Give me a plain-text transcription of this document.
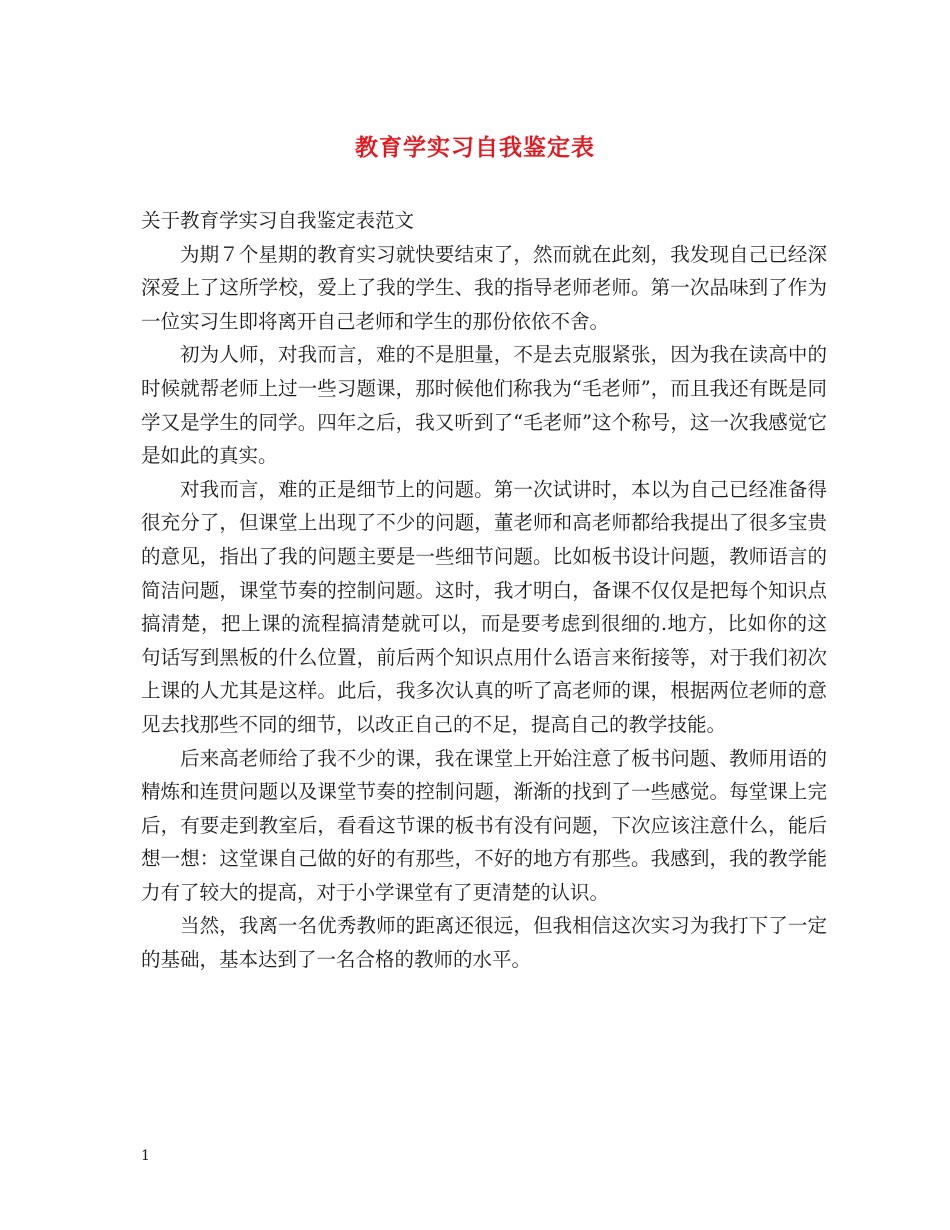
教育学实习自我鉴定表

关于教育学实习自我鉴定表范文

为期７个星期的教育实习就快要结束了，然而就在此刻，我发现自己已经深深爱上了这所学校，爱上了我的学生、我的指导老师老师。第一次品味到了作为一位实习生即将离开自己老师和学生的那份依依不舍。

初为人师，对我而言，难的不是胆量，不是去克服紧张，因为我在读高中的时候就帮老师上过一些习题课，那时候他们称我为“毛老师”，而且我还有既是同学又是学生的同学。四年之后，我又听到了“毛老师”这个称号，这一次我感觉它是如此的真实。

对我而言，难的正是细节上的问题。第一次试讲时，本以为自己已经准备得很充分了，但课堂上出现了不少的问题，董老师和高老师都给我提出了很多宝贵的意见，指出了我的问题主要是一些细节问题。比如板书设计问题，教师语言的简洁问题，课堂节奏的控制问题。这时，我才明白，备课不仅仅是把每个知识点搞清楚，把上课的流程搞清楚就可以，而是要考虑到很细的.地方，比如你的这句话写到黑板的什么位置，前后两个知识点用什么语言来衔接等，对于我们初次上课的人尤其是这样。此后，我多次认真的听了高老师的课，根据两位老师的意见去找那些不同的细节，以改正自己的不足，提高自己的教学技能。

后来高老师给了我不少的课，我在课堂上开始注意了板书问题、教师用语的精炼和连贯问题以及课堂节奏的控制问题，渐渐的找到了一些感觉。每堂课上完后，有要走到教室后，看看这节课的板书有没有问题，下次应该注意什么，能后想一想：这堂课自己做的好的有那些，不好的地方有那些。我感到，我的教学能力有了较大的提高，对于小学课堂有了更清楚的认识。

当然，我离一名优秀教师的距离还很远，但我相信这次实习为我打下了一定的基础，基本达到了一名合格的教师的水平。

1
